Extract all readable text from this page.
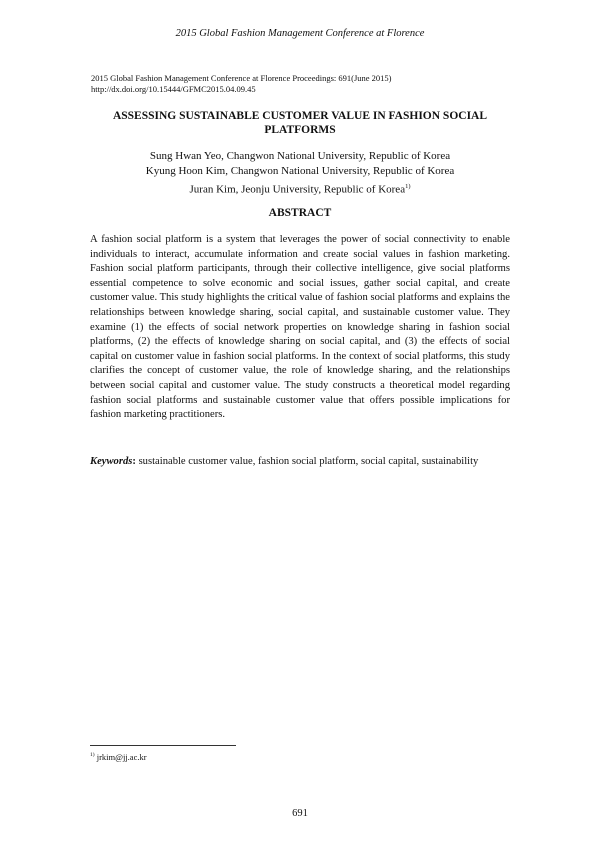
2015 Global Fashion Management Conference at Florence
2015 Global Fashion Management Conference at Florence Proceedings: 691(June 2015)
http://dx.doi.org/10.15444/GFMC2015.04.09.45
ASSESSING SUSTAINABLE CUSTOMER VALUE IN FASHION SOCIAL PLATFORMS
Sung Hwan Yeo, Changwon National University, Republic of Korea
Kyung Hoon Kim, Changwon National University, Republic of Korea
Juran Kim, Jeonju University, Republic of Korea$^{1)}$
ABSTRACT
A fashion social platform is a system that leverages the power of social connectivity to enable individuals to interact, accumulate information and create social values in fashion marketing. Fashion social platform participants, through their collective intelligence, give social platforms essential competence to solve economic and social issues, gather social capital, and create customer value. This study highlights the critical value of fashion social platforms and explains the relationships between knowledge sharing, social capital, and sustainable customer value. They examine (1) the effects of social network properties on knowledge sharing in fashion social platforms, (2) the effects of knowledge sharing on social capital, and (3) the effects of social capital on customer value in fashion social platforms. In the context of social platforms, this study clarifies the concept of customer value, the role of knowledge sharing, and the relationships between social capital and customer value. The study constructs a theoretical model regarding fashion social platforms and sustainable customer value that offers possible implications for fashion marketing practitioners.
Keywords: sustainable customer value, fashion social platform, social capital, sustainability
$^{1)}$ jrkim@jj.ac.kr
691
